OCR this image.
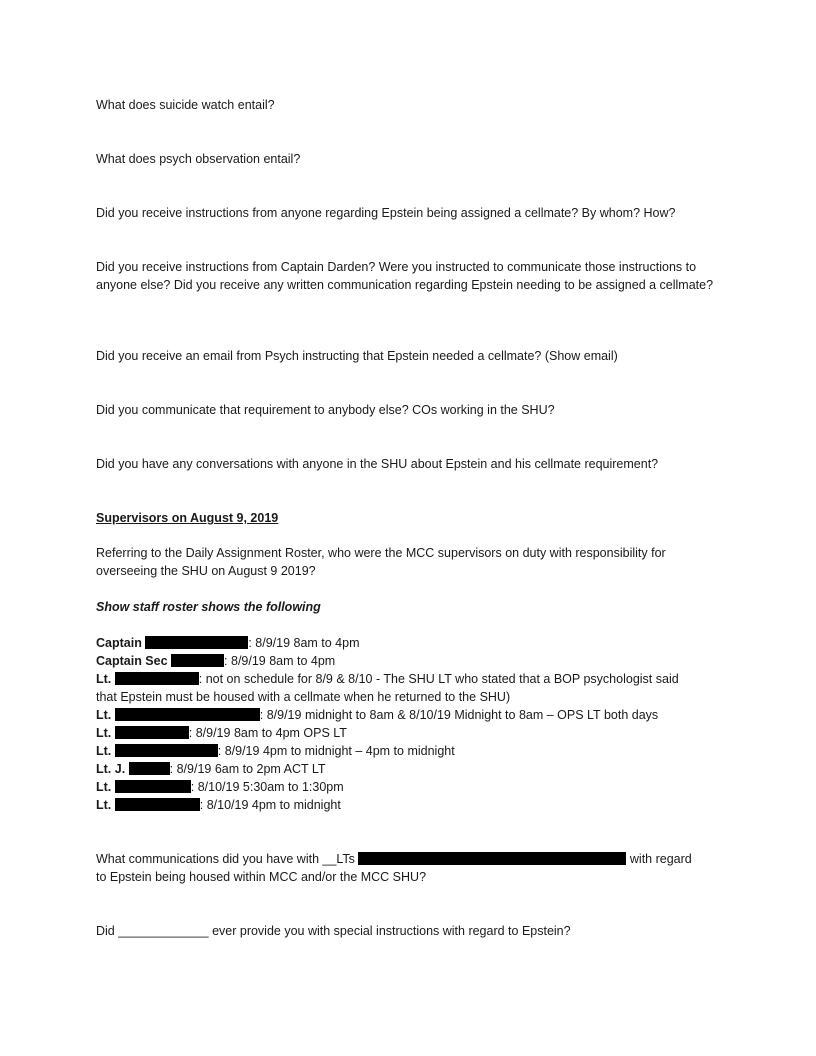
What does suicide watch entail?

What does psych observation entail?

Did you receive instructions from anyone regarding Epstein being assigned a cellmate? By whom? How?

Did you receive instructions from Captain Darden? Were you instructed to communicate those instructions to anyone else? Did you receive any written communication regarding Epstein needing to be assigned a cellmate?

Did you receive an email from Psych instructing that Epstein needed a cellmate? (Show email)

Did you communicate that requirement to anybody else? COs working in the SHU?

Did you have any conversations with anyone in the SHU about Epstein and his cellmate requirement?

Supervisors on August 9, 2019

Referring to the Daily Assignment Roster, who were the MCC supervisors on duty with responsibility for overseeing the SHU on August 9 2019?

Show staff roster shows the following

Captain	: 8/9/19 8am to 4pm
Captain Sec	: 8/9/19 8am to 4pm
Lt.	: not on schedule for 8/9 & 8/10 - The SHU LT who stated that a BOP psychologist said
that Epstein must be housed with a cellmate when he returned to the SHU)
Lt.	: 8/9/19 midnight to 8am & 8/10/19 Midnight to 8am – OPS LT both days
Lt.	: 8/9/19 8am to 4pm OPS LT
Lt.	: 8/9/19 4pm to midnight – 4pm to midnight
Lt. J.	: 8/9/19 6am to 2pm ACT LT
Lt.	: 8/10/19 5:30am to 1:30pm
Lt.	: 8/10/19 4pm to midnight
What communications did you have with __LTs	with regard
to Epstein being housed within MCC and/or the MCC SHU?

Did _____________ ever provide you with special instructions with regard to Epstein?
